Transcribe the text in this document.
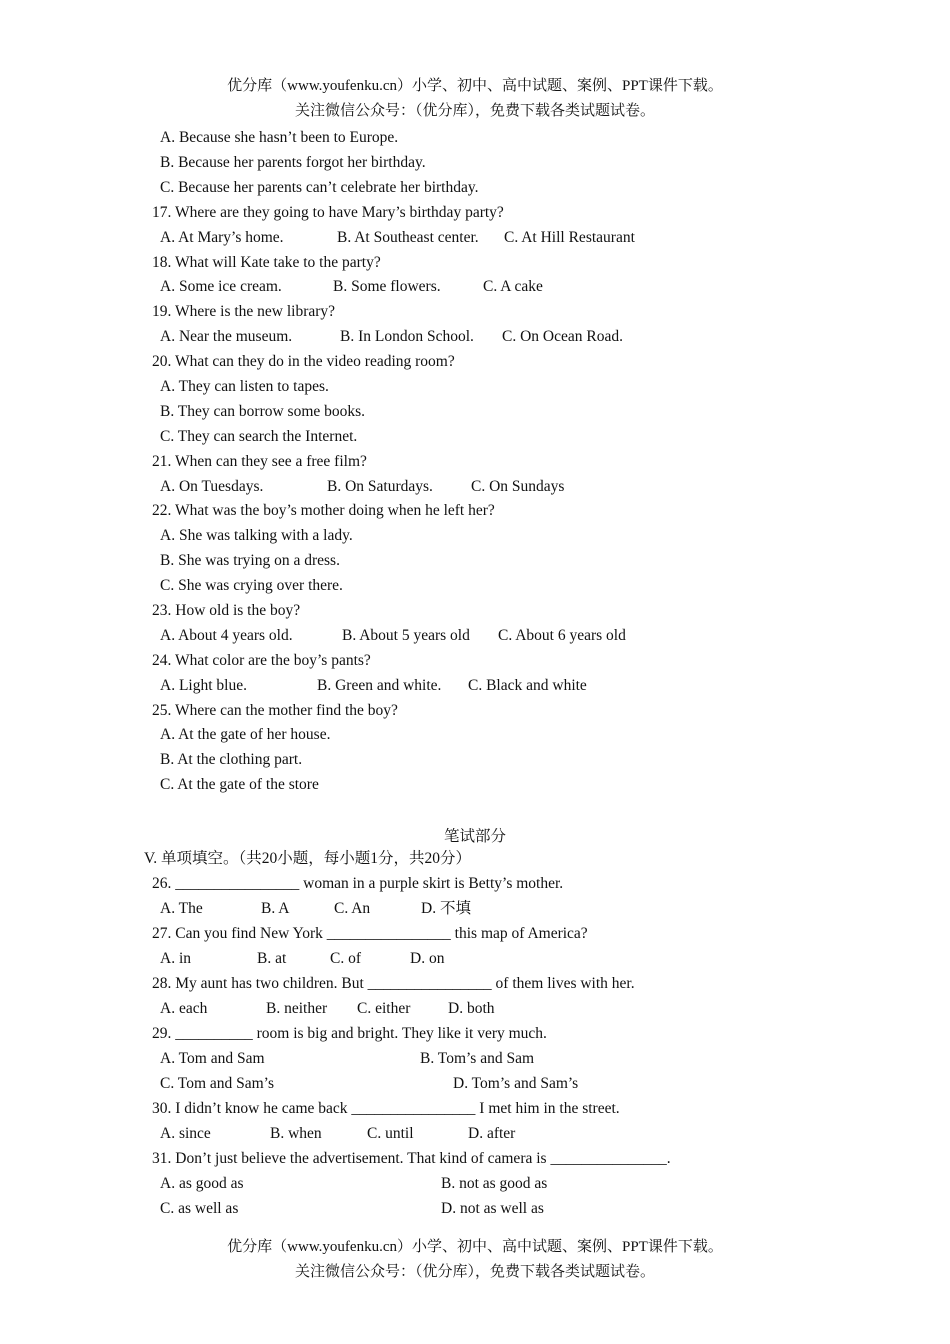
优分库（www.youfenku.cn）小学、初中、高中试题、案例、PPT课件下载。
关注微信公众号：（优分库），免费下载各类试题试卷。
A. Because she hasn’t been to Europe.
B. Because her parents forgot her birthday.
C. Because her parents can’t celebrate her birthday.
17. Where are they going to have Mary’s birthday party?
A. At Mary’s home.	B. At Southeast center. C. At Hill Restaurant
18. What will Kate take to the party?
A. Some ice cream.	B. Some flowers.	C. A cake
19. Where is the new library?
A. Near the museum.	B. In London School. C. On Ocean Road.
20. What can they do in the video reading room?
A. They can listen to tapes.
B. They can borrow some books.
C. They can search the Internet.
21. When can they see a free film?
A. On Tuesdays.	B. On Saturdays. C. On Sundays
22. What was the boy’s mother doing when he left her?
A. She was talking with a lady.
B. She was trying on a dress.
C. She was crying over there.
23. How old is the boy?
A. About 4 years old.	B. About 5 years old C. About 6 years old
24. What color are the boy’s pants?
A. Light blue.	B. Green and white. C. Black and white
25. Where can the mother find the boy?
A. At the gate of her house.
B. At the clothing part.
C. At the gate of the store
笔试部分
V. 单项填空。（共20小题，每小题1分，共20分）
26. ________________ woman in a purple skirt is Betty’s mother.
A. The	B. A	C. An	D. 不填
27. Can you find New York ________________ this map of America?
A. in	B. at	C. of	D. on
28. My aunt has two children. But ________________ of them lives with her.
A. each	B. neither C. either D. both
29. __________ room is big and bright. They like it very much.
A. Tom and Sam	B. Tom’s and Sam
C. Tom and Sam’s	D. Tom’s and Sam’s
30. I didn’t know he came back ________________ I met him in the street.
A. since	B. when	C. until	D. after
31. Don’t just believe the advertisement. That kind of camera is _______________.
A. as good as	B. not as good as
C. as well as	D. not as well as
优分库（www.youfenku.cn）小学、初中、高中试题、案例、PPT课件下载。
关注微信公众号：（优分库），免费下载各类试题试卷。
